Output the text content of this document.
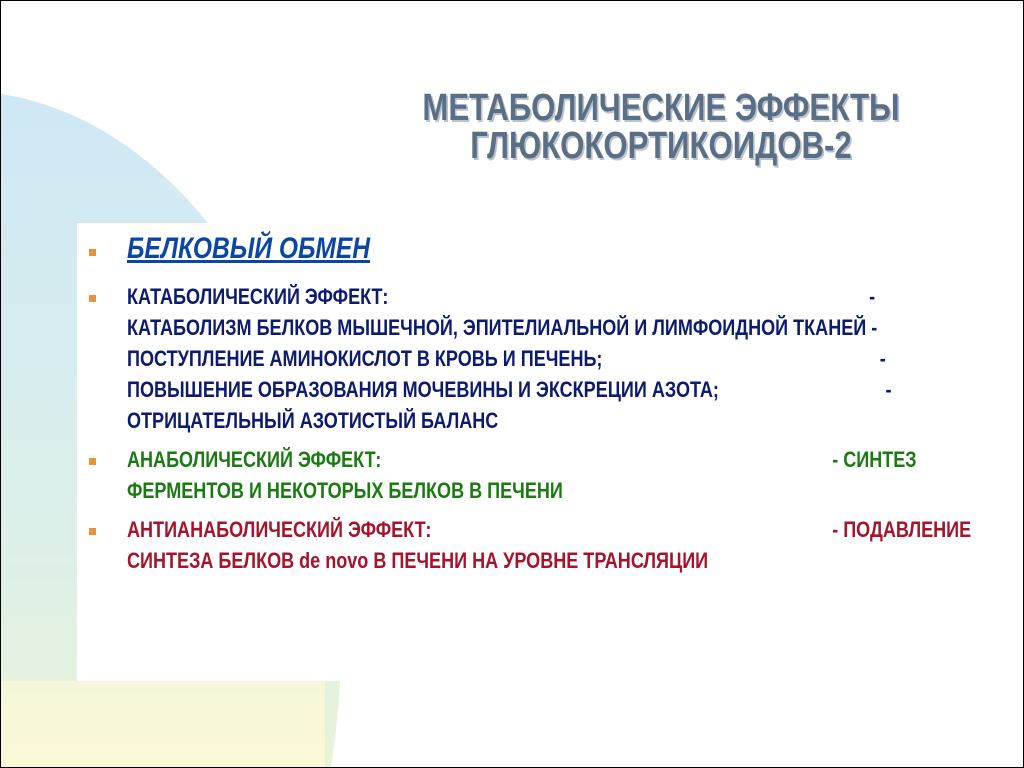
МЕТАБОЛИЧЕСКИЕ ЭФФЕКТЫ
ГЛЮКОКОРТИКОИДОВ-2
БЕЛКОВЫЙ ОБМЕН
КАТАБОЛИЧЕСКИЙ ЭФФЕКТ:	-
КАТАБОЛИЗМ БЕЛКОВ МЫШЕЧНОЙ, ЭПИТЕЛИАЛЬНОЙ И ЛИМФОИДНОЙ ТКАНЕЙ -
ПОСТУПЛЕНИЕ АМИНОКИСЛОТ В КРОВЬ И ПЕЧЕНЬ;	-
ПОВЫШЕНИЕ ОБРАЗОВАНИЯ МОЧЕВИНЫ И ЭКСКРЕЦИИ АЗОТА;	-
ОТРИЦАТЕЛЬНЫЙ АЗОТИСТЫЙ БАЛАНС
АНАБОЛИЧЕСКИЙ ЭФФЕКТ:	- СИНТЕЗ
ФЕРМЕНТОВ И НЕКОТОРЫХ БЕЛКОВ В ПЕЧЕНИ
АНТИАНАБОЛИЧЕСКИЙ ЭФФЕКТ:	- ПОДАВЛЕНИЕ
СИНТЕЗА БЕЛКОВ de novo В ПЕЧЕНИ НА УРОВНЕ ТРАНСЛЯЦИИ
